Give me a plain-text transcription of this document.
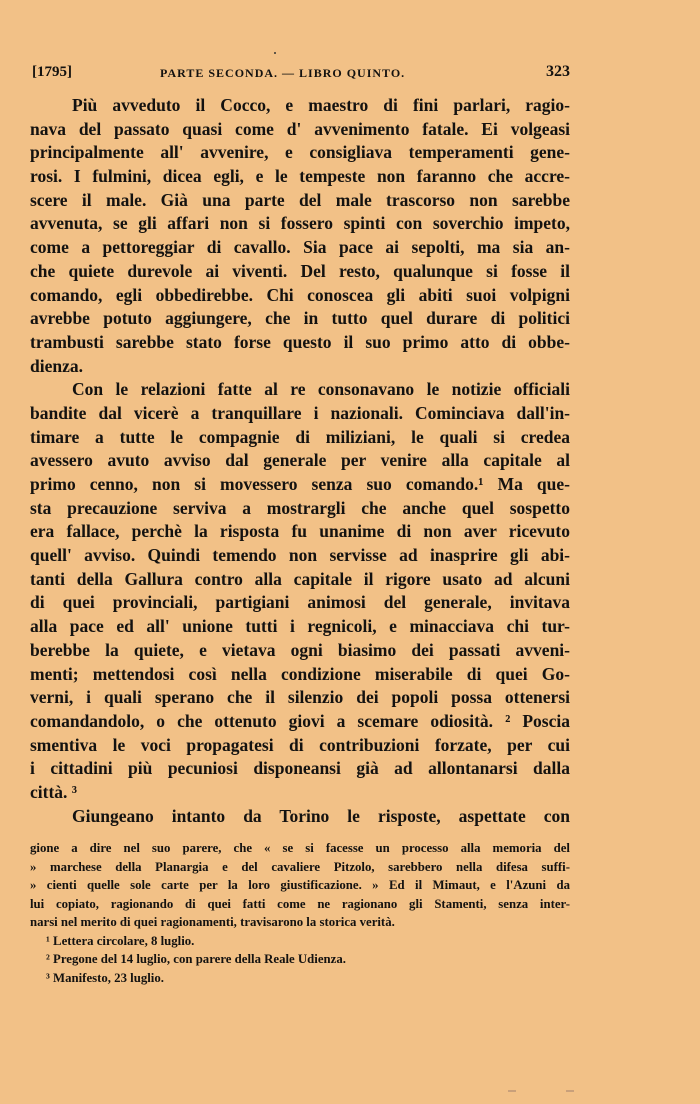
[1795]	PARTE SECONDA. — LIBRO QUINTO.	323
Più avveduto il Cocco, e maestro di fini parlari, ragio-
nava del passato quasi come d' avvenimento fatale. Ei volgeasi
principalmente all' avvenire, e consigliava temperamenti gene-
rosi. I fulmini, dicea egli, e le tempeste non faranno che accre-
scere il male. Già una parte del male trascorso non sarebbe
avvenuta, se gli affari non si fossero spinti con soverchio impeto,
come a pettoreggiar di cavallo. Sia pace ai sepolti, ma sia an-
che quiete durevole ai viventi. Del resto, qualunque si fosse il
comando, egli obbedirebbe. Chi conoscea gli abiti suoi volpigni
avrebbe potuto aggiungere, che in tutto quel durare di politici
trambusti sarebbe stato forse questo il suo primo atto di obbe-
dienza.
Con le relazioni fatte al re consonavano le notizie officiali
bandite dal vicerè a tranquillare i nazionali. Cominciava dall'in-
timare a tutte le compagnie di miliziani, le quali si credea
avessero avuto avviso dal generale per venire alla capitale al
primo cenno, non si movessero senza suo comando.¹ Ma que-
sta precauzione serviva a mostrargli che anche quel sospetto
era fallace, perchè la risposta fu unanime di non aver ricevuto
quell' avviso. Quindi temendo non servisse ad inasprire gli abi-
tanti della Gallura contro alla capitale il rigore usato ad alcuni
di quei provinciali, partigiani animosi del generale, invitava
alla pace ed all' unione tutti i regnicoli, e minacciava chi tur-
berebbe la quiete, e vietava ogni biasimo dei passati avveni-
menti; mettendosi così nella condizione miserabile di quei Go-
verni, i quali sperano che il silenzio dei popoli possa ottenersi
comandandolo, o che ottenuto giovi a scemare odiosità. ² Poscia
smentiva le voci propagatesi di contribuzioni forzate, per cui
i cittadini più pecuniosi disponeansi già ad allontanarsi dalla
città. ³
Giungeano intanto da Torino le risposte, aspettate con
gione a dire nel suo parere, che « se si facesse un processo alla memoria del
» marchese della Planargia e del cavaliere Pitzolo, sarebbero nella difesa suffi-
» cienti quelle sole carte per la loro giustificazione. » Ed il Mimaut, e l'Azuni da
lui copiato, ragionando di quei fatti come ne ragionano gli Stamenti, senza inter-
narsi nel merito di quei ragionamenti, travisarono la storica verità.
¹ Lettera circolare, 8 luglio.
² Pregone del 14 luglio, con parere della Reale Udienza.
³ Manifesto, 23 luglio.
